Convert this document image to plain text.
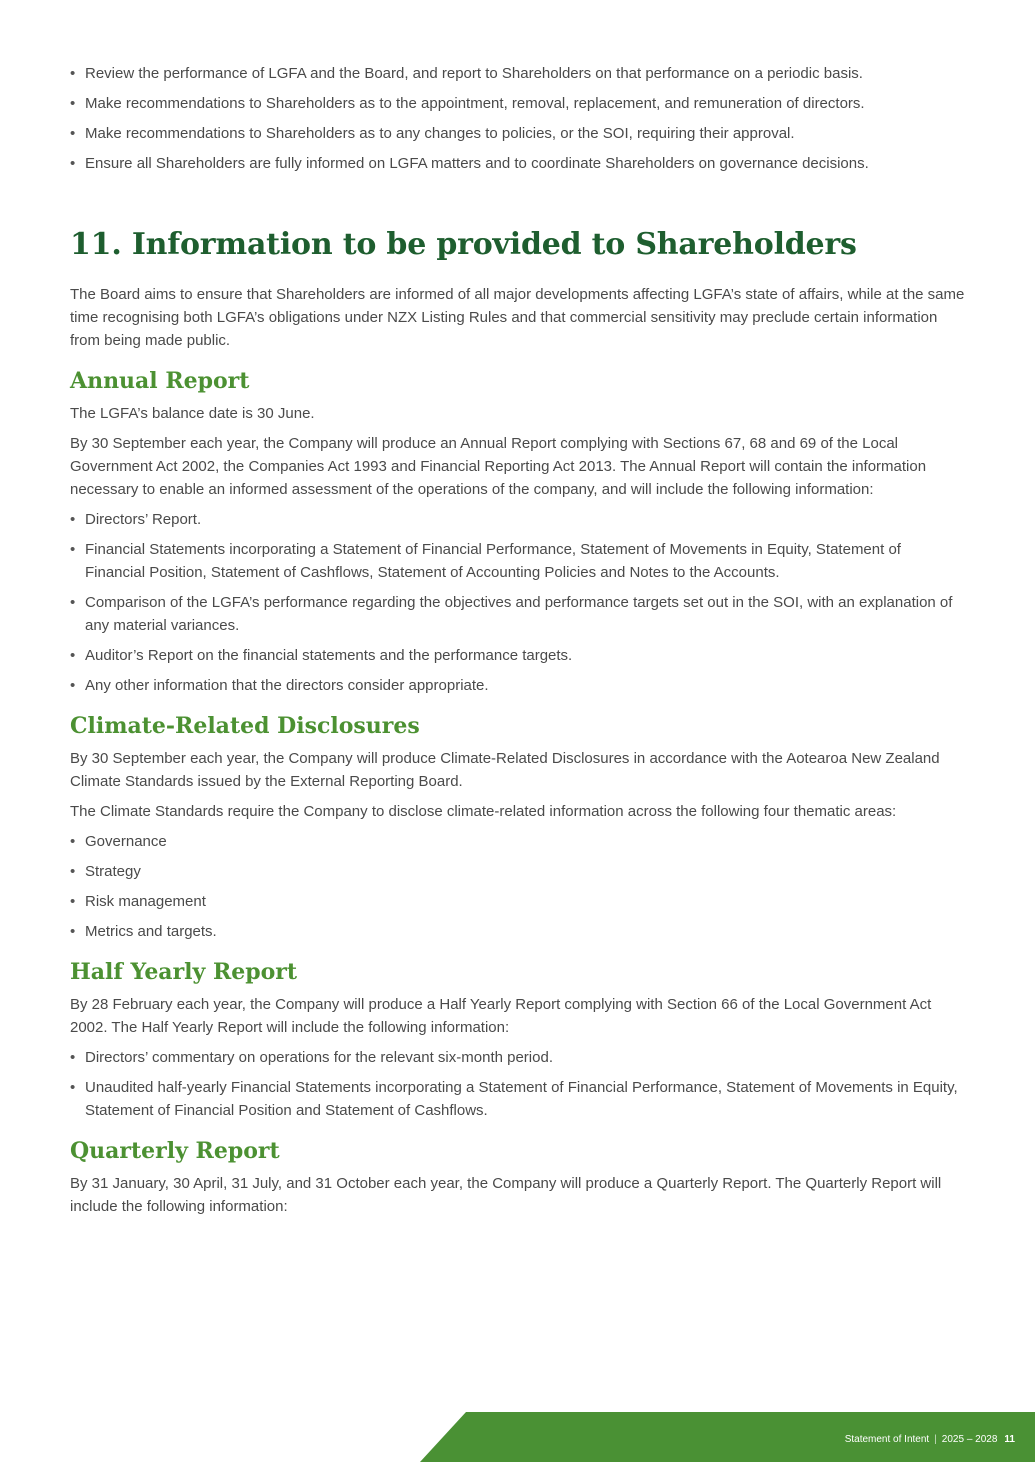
• Review the performance of LGFA and the Board, and report to Shareholders on that performance on a periodic basis.
• Make recommendations to Shareholders as to the appointment, removal, replacement, and remuneration of directors.
• Make recommendations to Shareholders as to any changes to policies, or the SOI, requiring their approval.
• Ensure all Shareholders are fully informed on LGFA matters and to coordinate Shareholders on governance decisions.
11. Information to be provided to Shareholders

The Board aims to ensure that Shareholders are informed of all major developments affecting LGFA’s state of affairs, while at the same time recognising both LGFA’s obligations under NZX Listing Rules and that commercial sensitivity may preclude certain information from being made public.

Annual Report

The LGFA’s balance date is 30 June.

By 30 September each year, the Company will produce an Annual Report complying with Sections 67, 68 and 69 of the Local Government Act 2002, the Companies Act 1993 and Financial Reporting Act 2013. The Annual Report will contain the information necessary to enable an informed assessment of the operations of the company, and will include the following information:

• Directors’ Report.
• Financial Statements incorporating a Statement of Financial Performance, Statement of Movements in Equity, Statement of Financial Position, Statement of Cashflows, Statement of Accounting Policies and Notes to the Accounts.
• Comparison of the LGFA’s performance regarding the objectives and performance targets set out in the SOI, with an explanation of any material variances.
• Auditor’s Report on the financial statements and the performance targets.
• Any other information that the directors consider appropriate.
Climate-Related Disclosures

By 30 September each year, the Company will produce Climate-Related Disclosures in accordance with the Aotearoa New Zealand Climate Standards issued by the External Reporting Board.

The Climate Standards require the Company to disclose climate-related information across the following four thematic areas:

• Governance
• Strategy
• Risk management
• Metrics and targets.
Half Yearly Report

By 28 February each year, the Company will produce a Half Yearly Report complying with Section 66 of the Local Government Act 2002. The Half Yearly Report will include the following information:

• Directors’ commentary on operations for the relevant six-month period.
• Unaudited half-yearly Financial Statements incorporating a Statement of Financial Performance, Statement of Movements in Equity, Statement of Financial Position and Statement of Cashflows.
Quarterly Report

By 31 January, 30 April, 31 July, and 31 October each year, the Company will produce a Quarterly Report. The Quarterly Report will include the following information:

Statement of Intent | 2025 – 2028 11
